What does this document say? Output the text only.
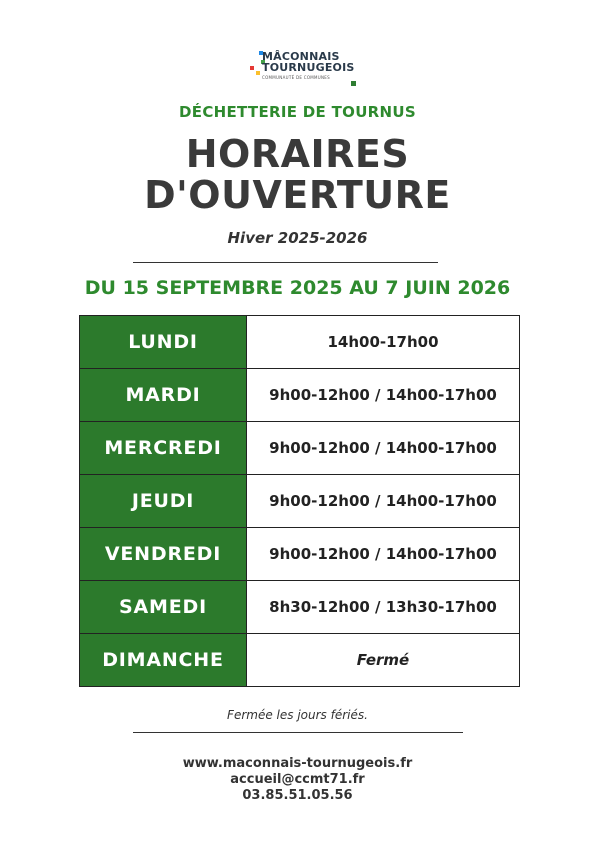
MÂCONNAIS
TOURNUGEOIS
COMMUNAUTÉ DE COMMUNES
DÉCHETTERIE DE TOURNUS
HORAIRES
D'OUVERTURE
Hiver 2025-2026
DU 15 SEPTEMBRE 2025 AU 7 JUIN 2026
LUNDI	14h00-17h00
MARDI	9h00-12h00 / 14h00-17h00
MERCREDI	9h00-12h00 / 14h00-17h00
JEUDI	9h00-12h00 / 14h00-17h00
VENDREDI	9h00-12h00 / 14h00-17h00
SAMEDI	8h30-12h00 / 13h30-17h00
DIMANCHE	Fermé
Fermée les jours fériés.
www.maconnais-tournugeois.fr
accueil@ccmt71.fr
03.85.51.05.56
